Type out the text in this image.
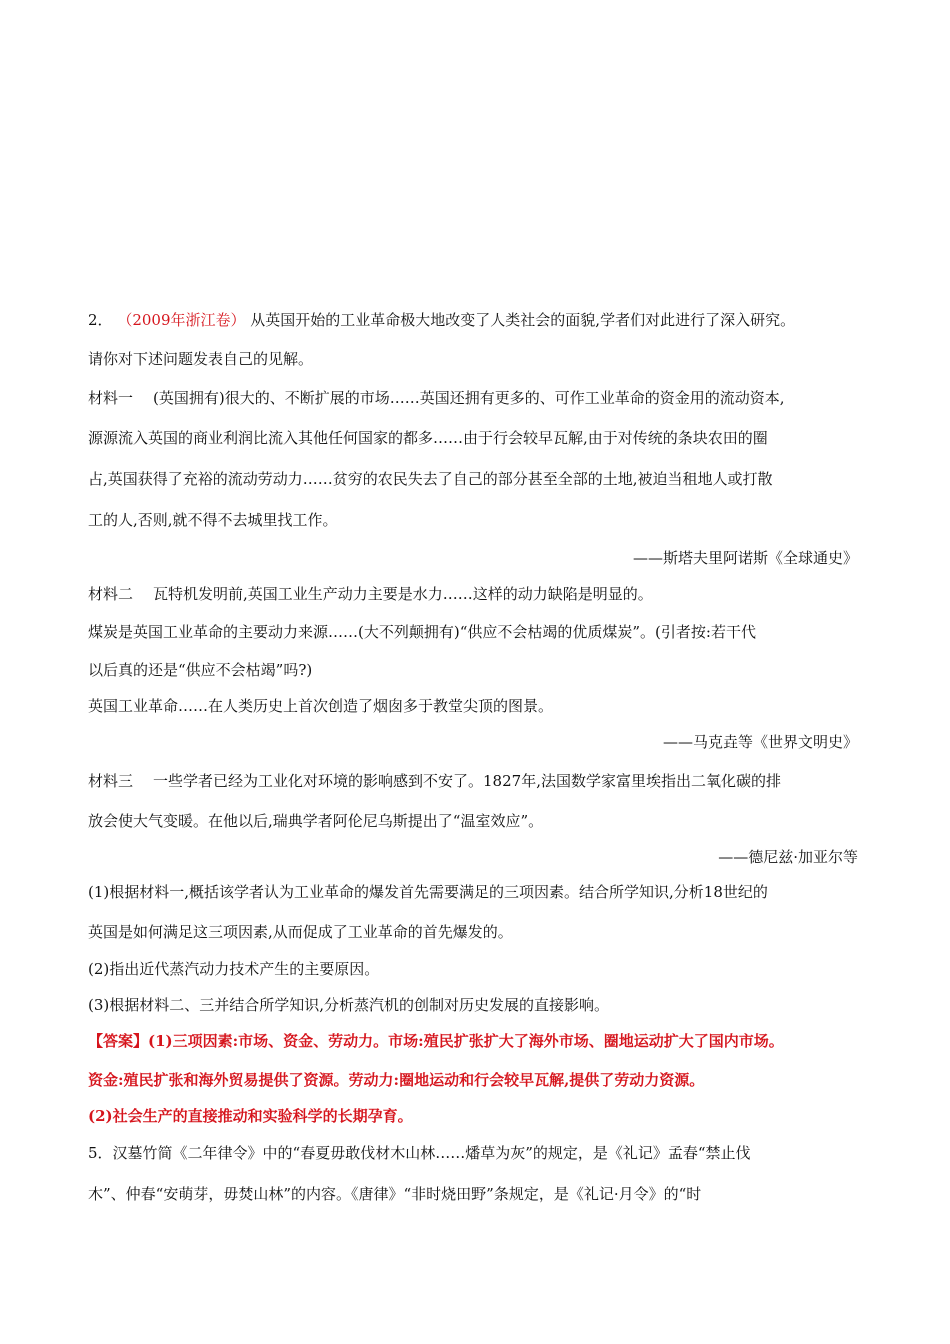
2． （2009年浙江卷） 从英国开始的工业革命极大地改变了人类社会的面貌,学者们对此进行了深入研究。
请你对下述问题发表自己的见解。
材料一 (英国拥有)很大的、不断扩展的市场……英国还拥有更多的、可作工业革命的资金用的流动资本,
源源流入英国的商业利润比流入其他任何国家的都多……由于行会较早瓦解,由于对传统的条块农田的圈
占,英国获得了充裕的流动劳动力……贫穷的农民失去了自己的部分甚至全部的土地,被迫当租地人或打散
工的人,否则,就不得不去城里找工作。
——斯塔夫里阿诺斯《全球通史》
材料二 瓦特机发明前,英国工业生产动力主要是水力……这样的动力缺陷是明显的。
煤炭是英国工业革命的主要动力来源……(大不列颠拥有)“供应不会枯竭的优质煤炭”。(引者按:若干代
以后真的还是“供应不会枯竭”吗?)
英国工业革命……在人类历史上首次创造了烟囱多于教堂尖顶的图景。
——马克垚等《世界文明史》
材料三 一些学者已经为工业化对环境的影响感到不安了。1827年,法国数学家富里埃指出二氧化碳的排
放会使大气变暖。在他以后,瑞典学者阿伦尼乌斯提出了“温室效应”。
——德尼兹·加亚尔等
(1)根据材料一,概括该学者认为工业革命的爆发首先需要满足的三项因素。结合所学知识,分析18世纪的
英国是如何满足这三项因素,从而促成了工业革命的首先爆发的。
(2)指出近代蒸汽动力技术产生的主要原因。
(3)根据材料二、三并结合所学知识,分析蒸汽机的创制对历史发展的直接影响。
【答案】(1)三项因素:市场、资金、劳动力。市场:殖民扩张扩大了海外市场、圈地运动扩大了国内市场。
资金:殖民扩张和海外贸易提供了资源。劳动力:圈地运动和行会较早瓦解,提供了劳动力资源。
(2)社会生产的直接推动和实验科学的长期孕育。
5．汉墓竹简《二年律令》中的“春夏毋敢伐材木山林……燔草为灰”的规定，是《礼记》孟春“禁止伐
木”、仲春“安萌芽，毋焚山林”的内容。《唐律》“非时烧田野”条规定，是《礼记·月令》的“时
